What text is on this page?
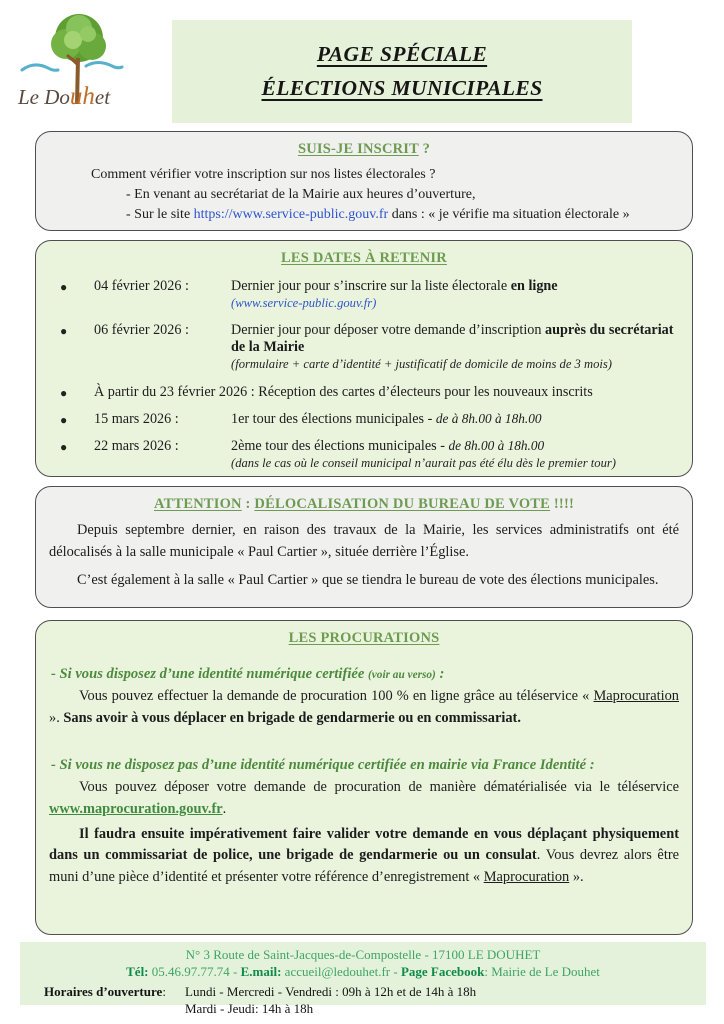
Le Douhet
PAGE SPÉCIALE
ÉLECTIONS MUNICIPALES
SUIS-JE INSCRIT ?

Comment vérifier votre inscription sur nos listes électorales ?

- En venant au secrétariat de la Mairie aux heures d’ouverture,

- Sur le site https://www.service-public.gouv.fr dans : « je vérifie ma situation électorale »

LES DATES À RETENIR
●	04 février 2026 :	Dernier jour pour s’inscrire sur la liste électorale en ligne
(www.service-public.gouv.fr)
●	06 février 2026 :	Dernier jour pour déposer votre demande d’inscription auprès du secrétariat de la Mairie
(formulaire + carte d’identité + justificatif de domicile de moins de 3 mois)
●	À partir du 23 février 2026 : Réception des cartes d’électeurs pour les nouveaux inscrits
●	15 mars 2026 :	1er tour des élections municipales - de à 8h.00 à 18h.00
●	22 mars 2026 :	2ème tour des élections municipales - de 8h.00 à 18h.00
(dans le cas où le conseil municipal n’aurait pas été élu dès le premier tour)
ATTENTION : DÉLOCALISATION DU BUREAU DE VOTE !!!!

Depuis septembre dernier, en raison des travaux de la Mairie, les services administratifs ont été délocalisés à la salle municipale « Paul Cartier », située derrière l’Église.

C’est également à la salle « Paul Cartier » que se tiendra le bureau de vote des élections municipales.

LES PROCURATIONS

- Si vous disposez d’une identité numérique certifiée (voir au verso) :

Vous pouvez effectuer la demande de procuration 100 % en ligne grâce au téléservice « Maprocuration ». Sans avoir à vous déplacer en brigade de gendarmerie ou en commissariat.

- Si vous ne disposez pas d’une identité numérique certifiée en mairie via France Identité :

Vous pouvez déposer votre demande de procuration de manière dématérialisée via le téléservice www.maprocuration.gouv.fr.

Il faudra ensuite impérativement faire valider votre demande en vous déplaçant physiquement dans un commissariat de police, une brigade de gendarmerie ou un consulat. Vous devrez alors être muni d’une pièce d’identité et présenter votre référence d’enregistrement « Maprocuration ».

N° 3 Route de Saint-Jacques-de-Compostelle - 17100 LE DOUHET
Tél: 05.46.97.77.74 - E.mail: accueil@ledouhet.fr - Page Facebook: Mairie de Le Douhet
Horaires d’ouverture:	Lundi - Mercredi - Vendredi : 09h à 12h et de 14h à 18h
Mardi - Jeudi: 14h à 18h
